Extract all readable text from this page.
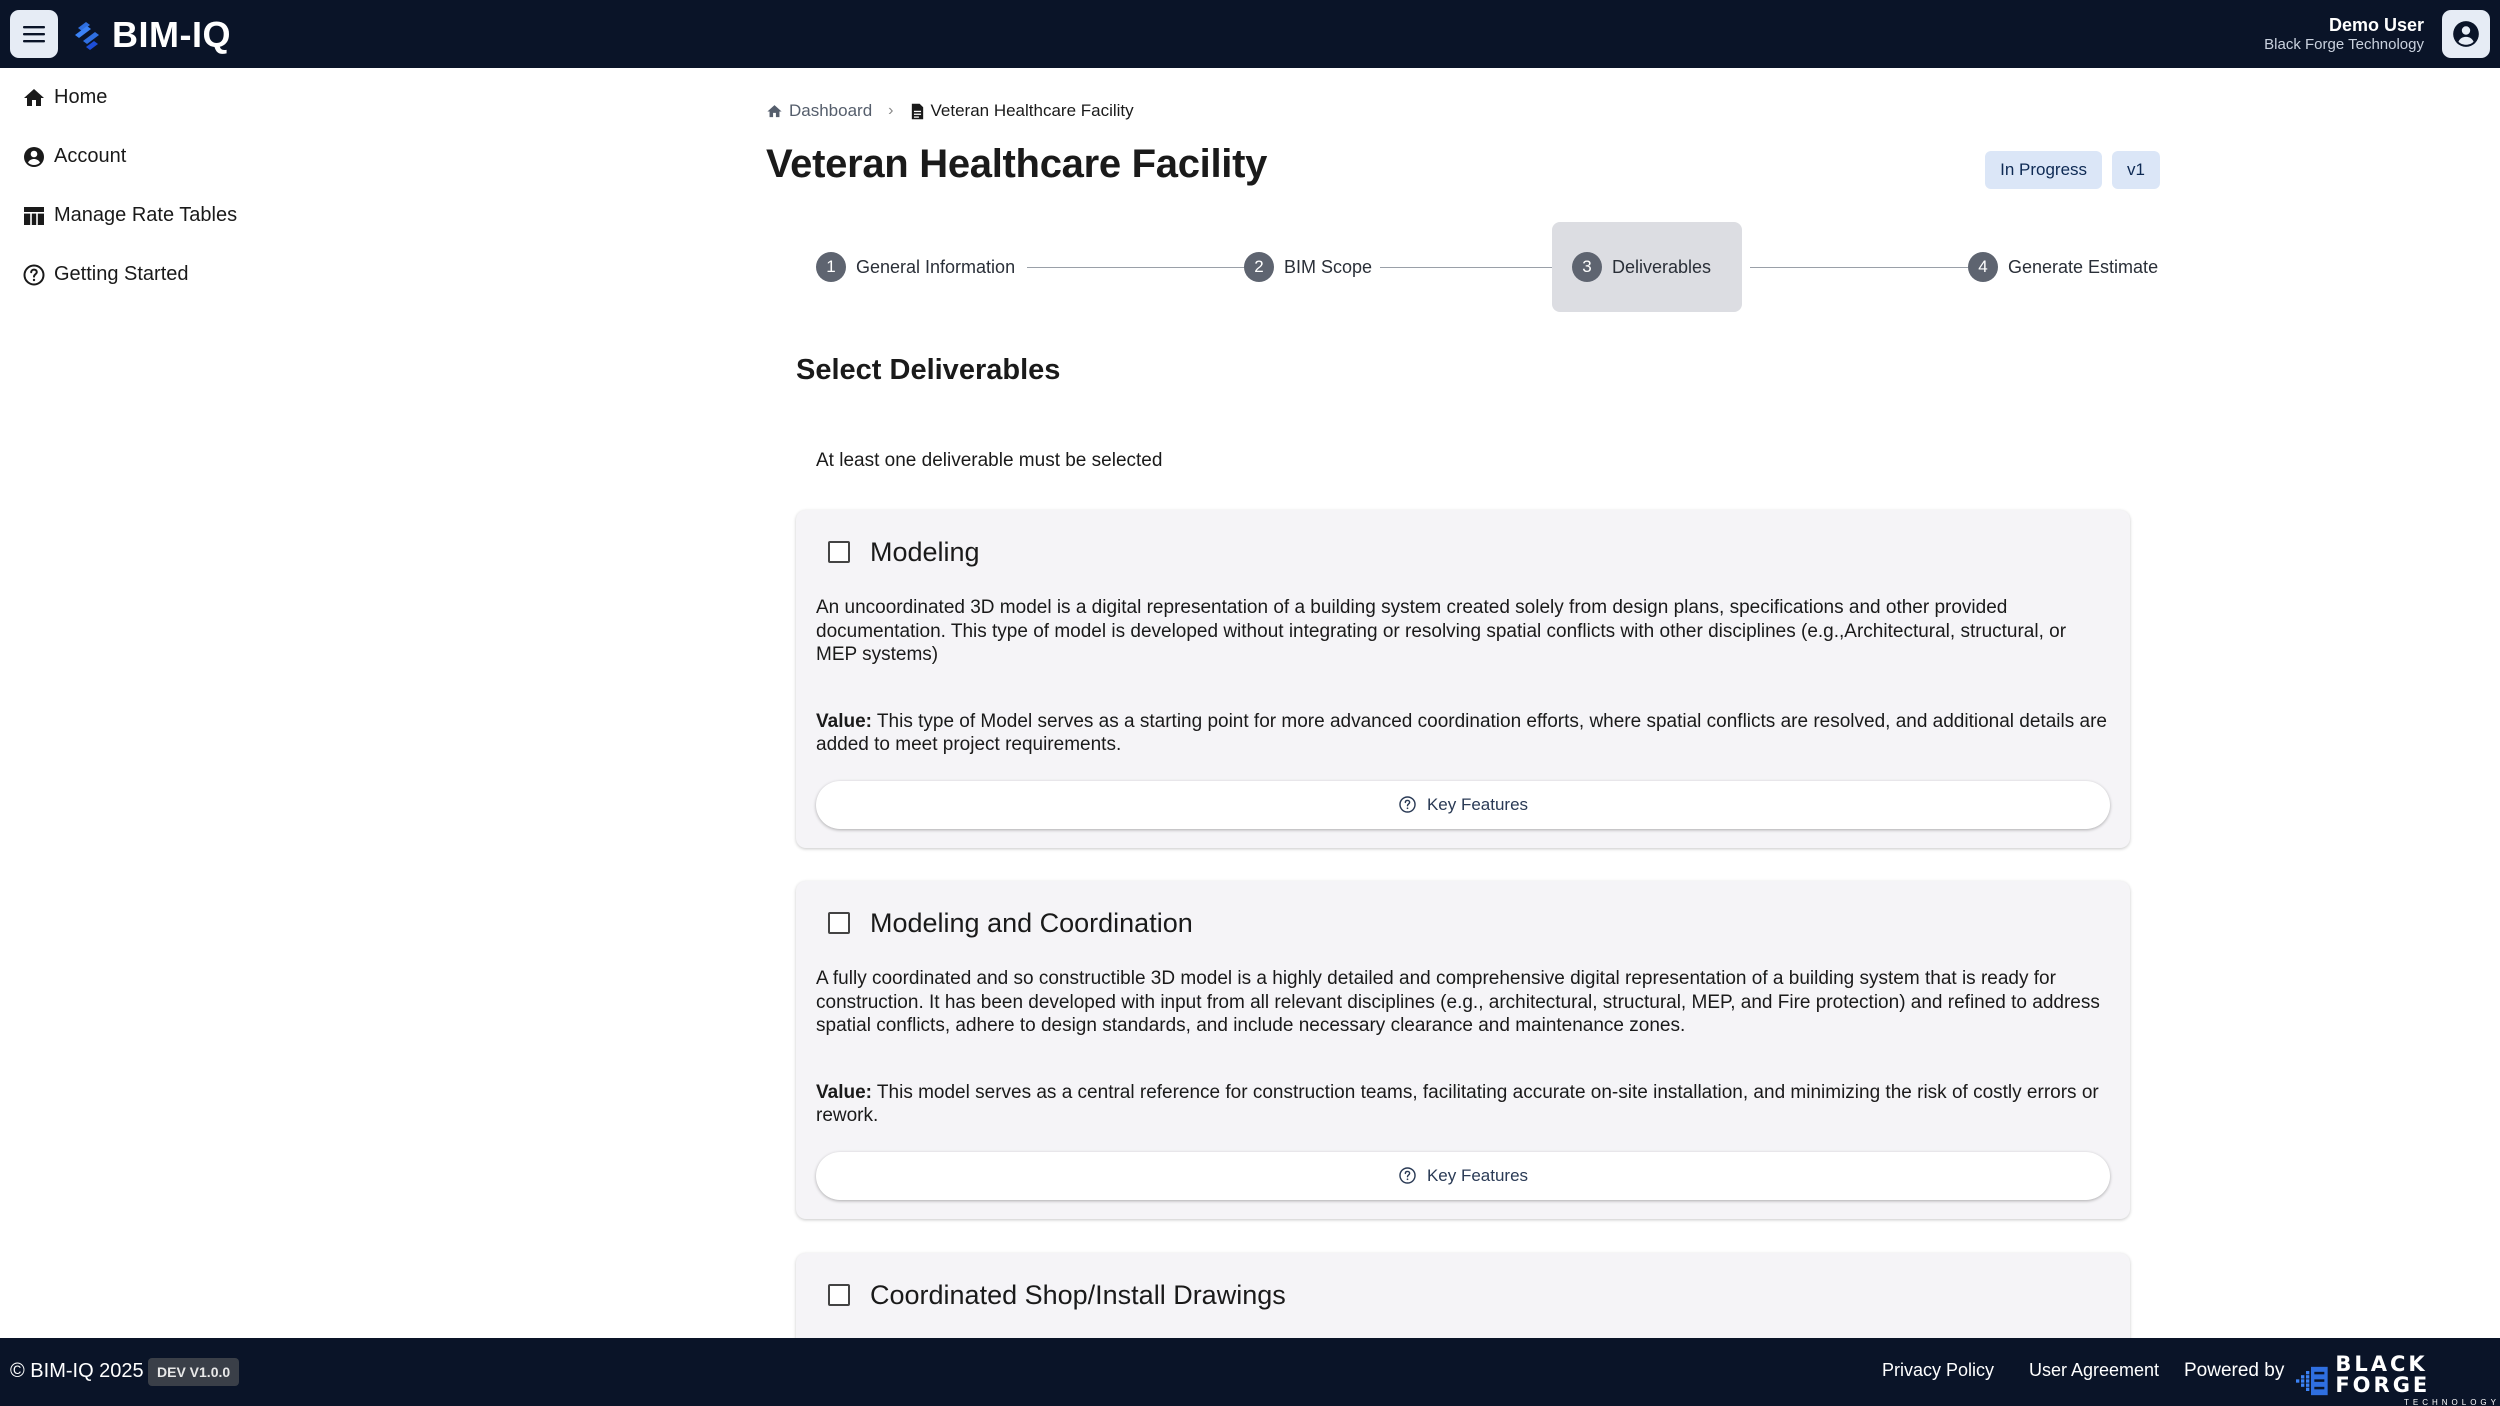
BIM-IQ	Demo User
Black Forge Technology
Home
Account
Manage Rate Tables
Getting Started
Dashboard › Veteran Healthcare Facility
Veteran Healthcare Facility	In Progress	v1
1	General Information	2	BIM Scope	3	Deliverables	4	Generate Estimate
Select Deliverables

At least one deliverable must be selected

Modeling

An uncoordinated 3D model is a digital representation of a building system created solely from design plans, specifications and other provided documentation. This type of model is developed without integrating or resolving spatial conflicts with other disciplines (e.g.,Architectural, structural, or MEP systems)

Value: This type of Model serves as a starting point for more advanced coordination efforts, where spatial conflicts are resolved, and additional details are added to meet project requirements.

Key Features
Modeling and Coordination

A fully coordinated and so constructible 3D model is a highly detailed and comprehensive digital representation of a building system that is ready for construction. It has been developed with input from all relevant disciplines (e.g., architectural, structural, MEP, and Fire protection) and refined to address spatial conflicts, adhere to design standards, and include necessary clearance and maintenance zones.

Value: This model serves as a central reference for construction teams, facilitating accurate on-site installation, and minimizing the risk of costly errors or rework.

Key Features
Coordinated Shop/Install Drawings
© BIM-IQ 2025 DEV V1.0.0	Privacy Policy User Agreement Powered by BLACK FORGE
TECHNOLOGY
